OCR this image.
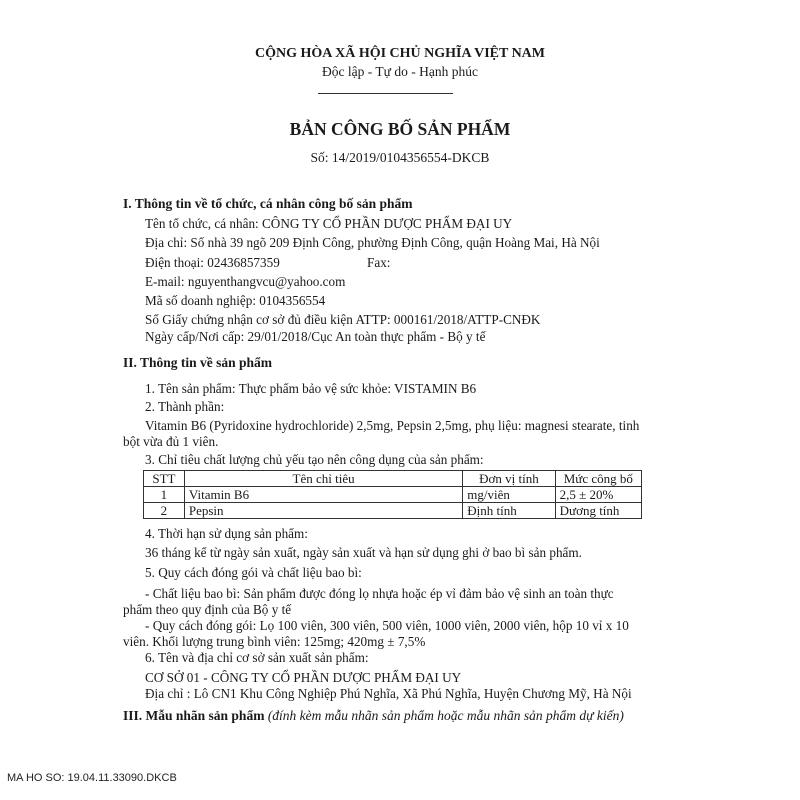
CỘNG HÒA XÃ HỘI CHỦ NGHĨA VIỆT NAM
Độc lập - Tự do - Hạnh phúc
BẢN CÔNG BỐ SẢN PHẨM
Số: 14/2019/0104356554-DKCB
I. Thông tin về tổ chức, cá nhân công bố sản phẩm
Tên tổ chức, cá nhân: CÔNG TY CỔ PHẦN DƯỢC PHẨM ĐẠI UY
Địa chỉ: Số nhà 39 ngõ 209 Định Công, phường Định Công, quận Hoàng Mai, Hà Nội
Điện thoại: 02436857359	Fax:
E-mail: nguyenthangvcu@yahoo.com
Mã số doanh nghiệp: 0104356554
Số Giấy chứng nhận cơ sở đủ điều kiện ATTP: 000161/2018/ATTP-CNĐK
Ngày cấp/Nơi cấp: 29/01/2018/Cục An toàn thực phẩm - Bộ y tế
II. Thông tin về sản phẩm
1. Tên sản phẩm: Thực phẩm bảo vệ sức khỏe: VISTAMIN B6
2. Thành phần:
Vitamin B6 (Pyridoxine hydrochloride) 2,5mg, Pepsin 2,5mg, phụ liệu: magnesi stearate, tinh
bột vừa đủ 1 viên.
3. Chỉ tiêu chất lượng chủ yếu tạo nên công dụng của sản phẩm:
STT	Tên chỉ tiêu	Đơn vị tính	Mức công bố
1	Vitamin B6	mg/viên	2,5 ± 20%
2	Pepsin	Định tính	Dương tính
4. Thời hạn sử dụng sản phẩm:
36 tháng kể từ ngày sản xuất, ngày sản xuất và hạn sử dụng ghi ở bao bì sản phẩm.
5. Quy cách đóng gói và chất liệu bao bì:
- Chất liệu bao bì: Sản phẩm được đóng lọ nhựa hoặc ép vỉ đảm bảo vệ sinh an toàn thực
phẩm theo quy định của Bộ y tế
- Quy cách đóng gói: Lọ 100 viên, 300 viên, 500 viên, 1000 viên, 2000 viên, hộp 10 vỉ x 10
viên. Khối lượng trung bình viên: 125mg; 420mg ± 7,5%
6. Tên và địa chỉ cơ sở sản xuất sản phẩm:
CƠ SỞ 01 - CÔNG TY CỔ PHẦN DƯỢC PHẨM ĐẠI UY
Địa chỉ : Lô CN1 Khu Công Nghiệp Phú Nghĩa, Xã Phú Nghĩa, Huyện Chương Mỹ, Hà Nội
III. Mẫu nhãn sản phẩm (đính kèm mẫu nhãn sản phẩm hoặc mẫu nhãn sản phẩm dự kiến)
MA HO SO: 19.04.11.33090.DKCB
